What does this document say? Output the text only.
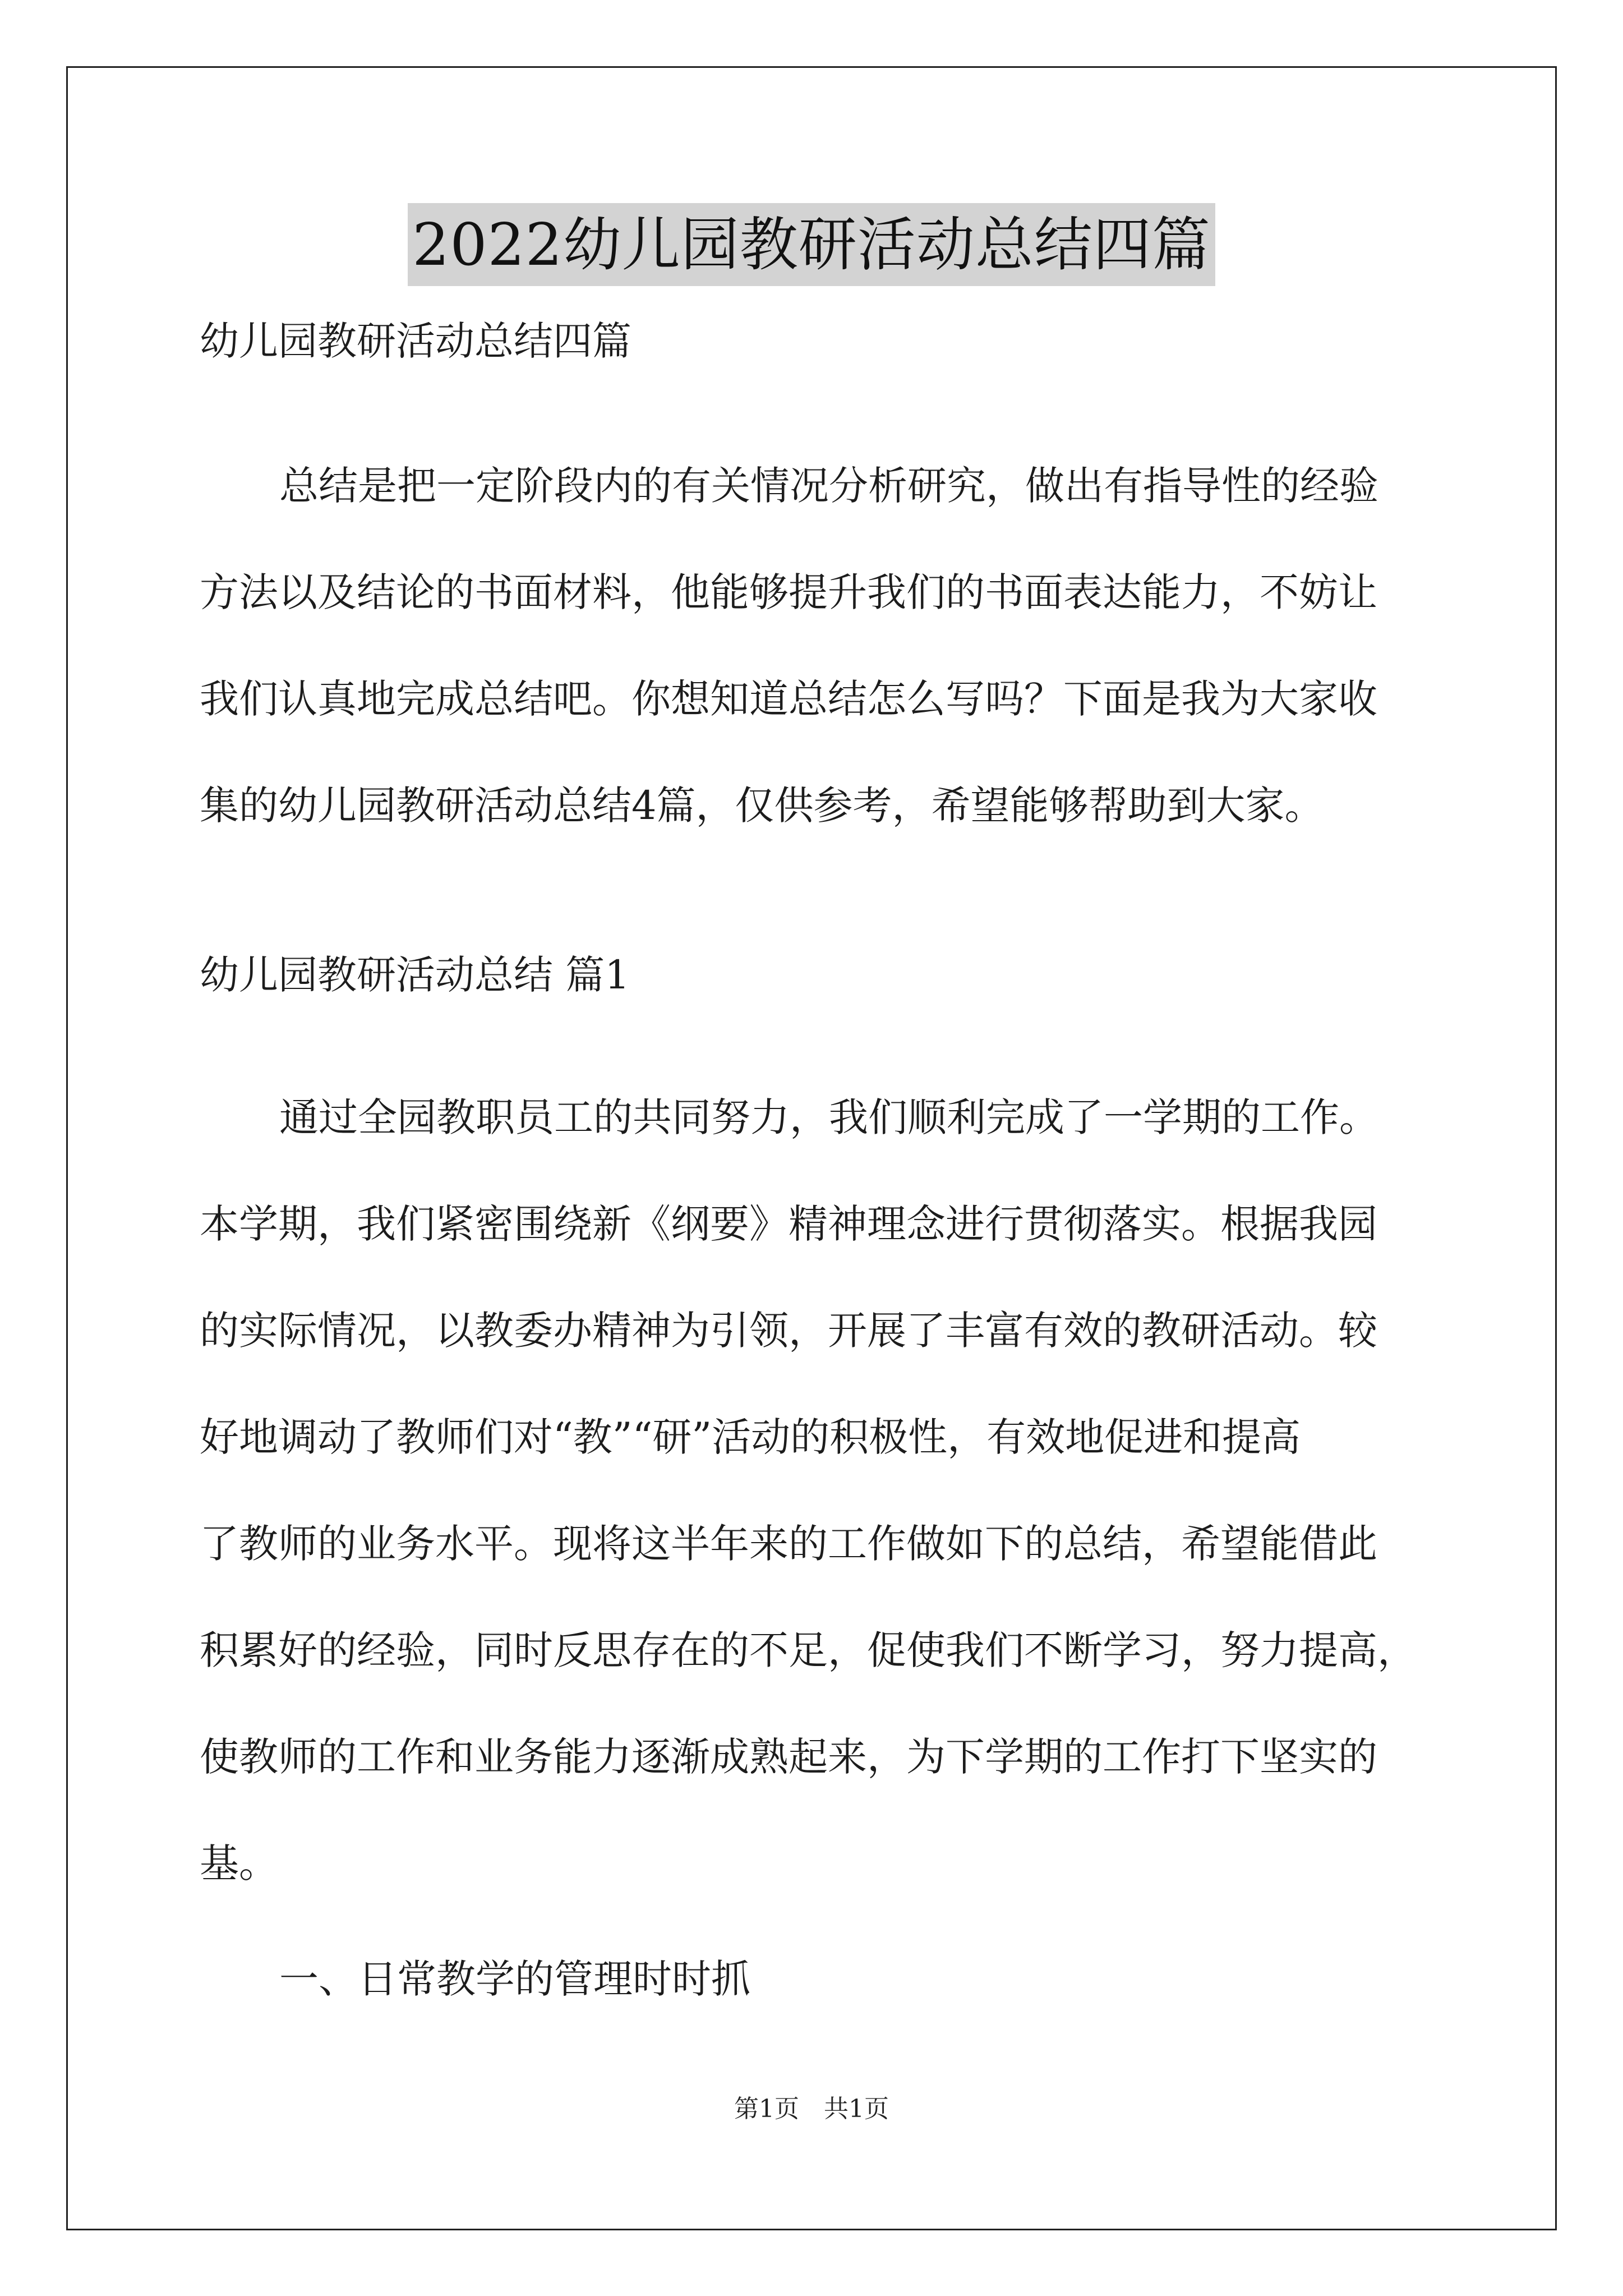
2022幼儿园教研活动总结四篇
幼儿园教研活动总结四篇
总结是把一定阶段内的有关情况分析研究，做出有指导性的经验
方法以及结论的书面材料，他能够提升我们的书面表达能力，不妨让
我们认真地完成总结吧。你想知道总结怎么写吗？下面是我为大家收
集的幼儿园教研活动总结4篇，仅供参考，希望能够帮助到大家。
幼儿园教研活动总结 篇1
通过全园教职员工的共同努力，我们顺利完成了一学期的工作。
本学期，我们紧密围绕新《纲要》精神理念进行贯彻落实。根据我园
的实际情况，以教委办精神为引领，开展了丰富有效的教研活动。较
好地调动了教师们对“教”“研”活动的积极性，有效地促进和提高
了教师的业务水平。现将这半年来的工作做如下的总结，希望能借此
积累好的经验，同时反思存在的不足，促使我们不断学习，努力提高，
使教师的工作和业务能力逐渐成熟起来，为下学期的工作打下坚实的
基。
一、日常教学的管理时时抓
第1页 共1页
